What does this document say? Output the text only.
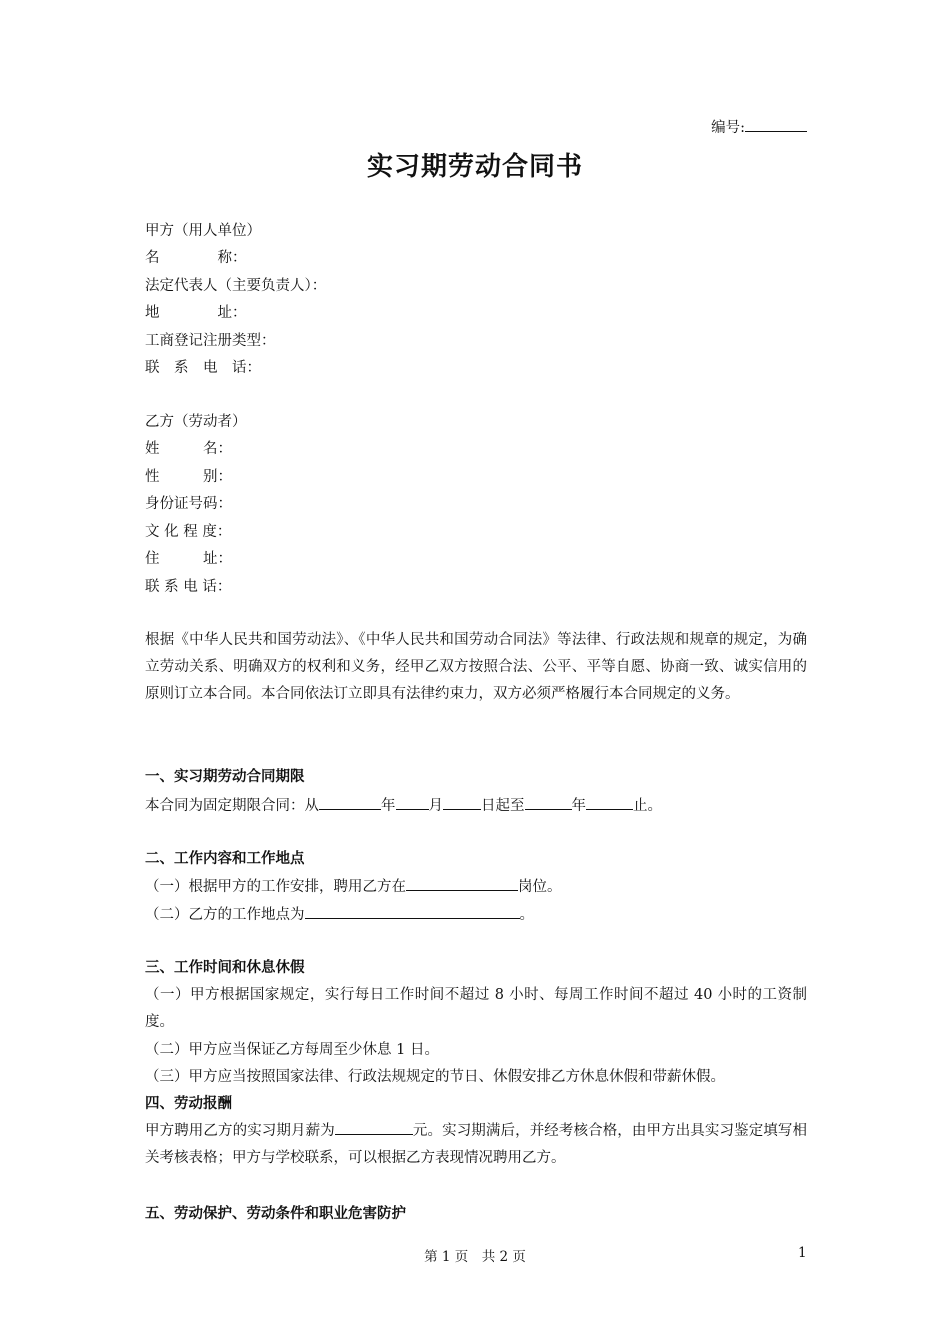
编号:
实习期劳动合同书
甲方（用人单位）
名　　　　称：
法定代表人（主要负责人）：
地　　　　址：
工商登记注册类型：
联　系　电　话：
乙方（劳动者）
姓　　　名：
性　　　别：
身份证号码：
文 化 程 度：
住　　　址：
联 系 电 话：
根据《中华人民共和国劳动法》、《中华人民共和国劳动合同法》等法律、行政法规和规章的规定，为确立劳动关系、明确双方的权利和义务，经甲乙双方按照合法、公平、平等自愿、协商一致、诚实信用的原则订立本合同。本合同依法订立即具有法律约束力，双方必须严格履行本合同规定的义务。
一、实习期劳动合同期限
本合同为固定期限合同：从	年 月	日起至	年	止。
二、工作内容和工作地点
（一）根据甲方的工作安排，聘用乙方在	岗位。
（二）乙方的工作地点为	。
三、工作时间和休息休假
（一）甲方根据国家规定，实行每日工作时间不超过 8 小时、每周工作时间不超过 40 小时的工资制度。
（二）甲方应当保证乙方每周至少休息 1 日。
（三）甲方应当按照国家法律、行政法规规定的节日、休假安排乙方休息休假和带薪休假。
四、劳动报酬
甲方聘用乙方的实习期月薪为	元。实习期满后，并经考核合格，由甲方出具实习鉴定填写相关考核表格；甲方与学校联系，可以根据乙方表现情况聘用乙方。
五、劳动保护、劳动条件和职业危害防护
第 1 页　共 2 页	1
